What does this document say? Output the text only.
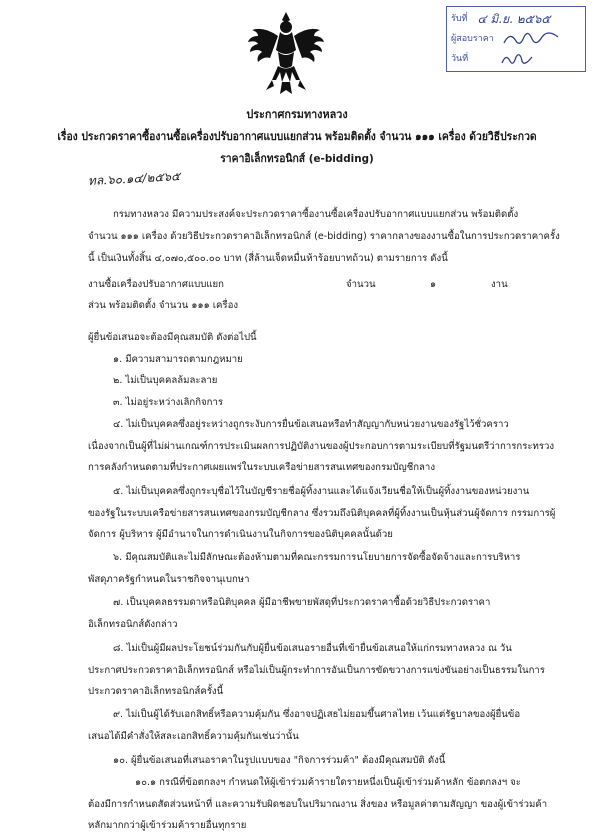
รับที่ ๔ มิ.ย. ๒๕๖๕
ผู้สอบราคา
วันที่
ประกาศกรมทางหลวง
เรื่อง ประกวดราคาซื้องานซื้อเครื่องปรับอากาศแบบแยกส่วน พร้อมติดตั้ง จำนวน ๑๑๑ เครื่อง ด้วยวิธีประกวด
ราคาอิเล็กทรอนิกส์ (e-bidding)
ทล.๖๐.๑๔/๒๕๖๕
กรมทางหลวง มีความประสงค์จะประกวดราคาซื้องานซื้อเครื่องปรับอากาศแบบแยกส่วน พร้อมติดตั้ง
จำนวน ๑๑๑ เครื่อง ด้วยวิธีประกวดราคาอิเล็กทรอนิกส์ (e-bidding) ราคากลางของงานซื้อในการประกวดราคาครั้ง
นี้ เป็นเงินทั้งสิ้น ๔,๐๗๐,๕๐๐.๐๐ บาท (สี่ล้านเจ็ดหมื่นห้าร้อยบาทถ้วน) ตามรายการ ดังนี้
งานซื้อเครื่องปรับอากาศแบบแยก	จำนวน	๑	งาน
ส่วน พร้อมติดตั้ง จำนวน ๑๑๑ เครื่อง
ผู้ยื่นข้อเสนอจะต้องมีคุณสมบัติ ดังต่อไปนี้
๑. มีความสามารถตามกฎหมาย
๒. ไม่เป็นบุคคลล้มละลาย
๓. ไม่อยู่ระหว่างเลิกกิจการ
๔. ไม่เป็นบุคคลซึ่งอยู่ระหว่างถูกระงับการยื่นข้อเสนอหรือทำสัญญากับหน่วยงานของรัฐไว้ชั่วคราว
เนื่องจากเป็นผู้ที่ไม่ผ่านเกณฑ์การประเมินผลการปฏิบัติงานของผู้ประกอบการตามระเบียบที่รัฐมนตรีว่าการกระทรวง
การคลังกำหนดตามที่ประกาศเผยแพร่ในระบบเครือข่ายสารสนเทศของกรมบัญชีกลาง
๕. ไม่เป็นบุคคลซึ่งถูกระบุชื่อไว้ในบัญชีรายชื่อผู้ทิ้งงานและได้แจ้งเวียนชื่อให้เป็นผู้ทิ้งงานของหน่วยงาน
ของรัฐในระบบเครือข่ายสารสนเทศของกรมบัญชีกลาง ซึ่งรวมถึงนิติบุคคลที่ผู้ทิ้งงานเป็นหุ้นส่วนผู้จัดการ กรรมการผู้
จัดการ ผู้บริหาร ผู้มีอำนาจในการดำเนินงานในกิจการของนิติบุคคลนั้นด้วย
๖. มีคุณสมบัติและไม่มีลักษณะต้องห้ามตามที่คณะกรรมการนโยบายการจัดซื้อจัดจ้างและการบริหาร
พัสดุภาครัฐกำหนดในราชกิจจานุเบกษา
๗. เป็นบุคคลธรรมดาหรือนิติบุคคล ผู้มีอาชีพขายพัสดุที่ประกวดราคาซื้อด้วยวิธีประกวดราคา
อิเล็กทรอนิกส์ดังกล่าว
๘. ไม่เป็นผู้มีผลประโยชน์ร่วมกันกับผู้ยื่นข้อเสนอรายอื่นที่เข้ายื่นข้อเสนอให้แก่กรมทางหลวง ณ วัน
ประกาศประกวดราคาอิเล็กทรอนิกส์ หรือไม่เป็นผู้กระทำการอันเป็นการขัดขวางการแข่งขันอย่างเป็นธรรมในการ
ประกวดราคาอิเล็กทรอนิกส์ครั้งนี้
๙. ไม่เป็นผู้ได้รับเอกสิทธิ์หรือความคุ้มกัน ซึ่งอาจปฏิเสธไม่ยอมขึ้นศาลไทย เว้นแต่รัฐบาลของผู้ยื่นข้อ
เสนอได้มีคำสั่งให้สละเอกสิทธิ์ความคุ้มกันเช่นว่านั้น
๑๐. ผู้ยื่นข้อเสนอที่เสนอราคาในรูปแบบของ "กิจการร่วมค้า" ต้องมีคุณสมบัติ ดังนี้
๑๐.๑ กรณีที่ข้อตกลงฯ กำหนดให้ผู้เข้าร่วมค้ารายใดรายหนึ่งเป็นผู้เข้าร่วมค้าหลัก ข้อตกลงฯ จะ
ต้องมีการกำหนดสัดส่วนหน้าที่ และความรับผิดชอบในปริมาณงาน สิ่งของ หรือมูลค่าตามสัญญา ของผู้เข้าร่วมค้า
หลักมากกว่าผู้เข้าร่วมค้ารายอื่นทุกราย
